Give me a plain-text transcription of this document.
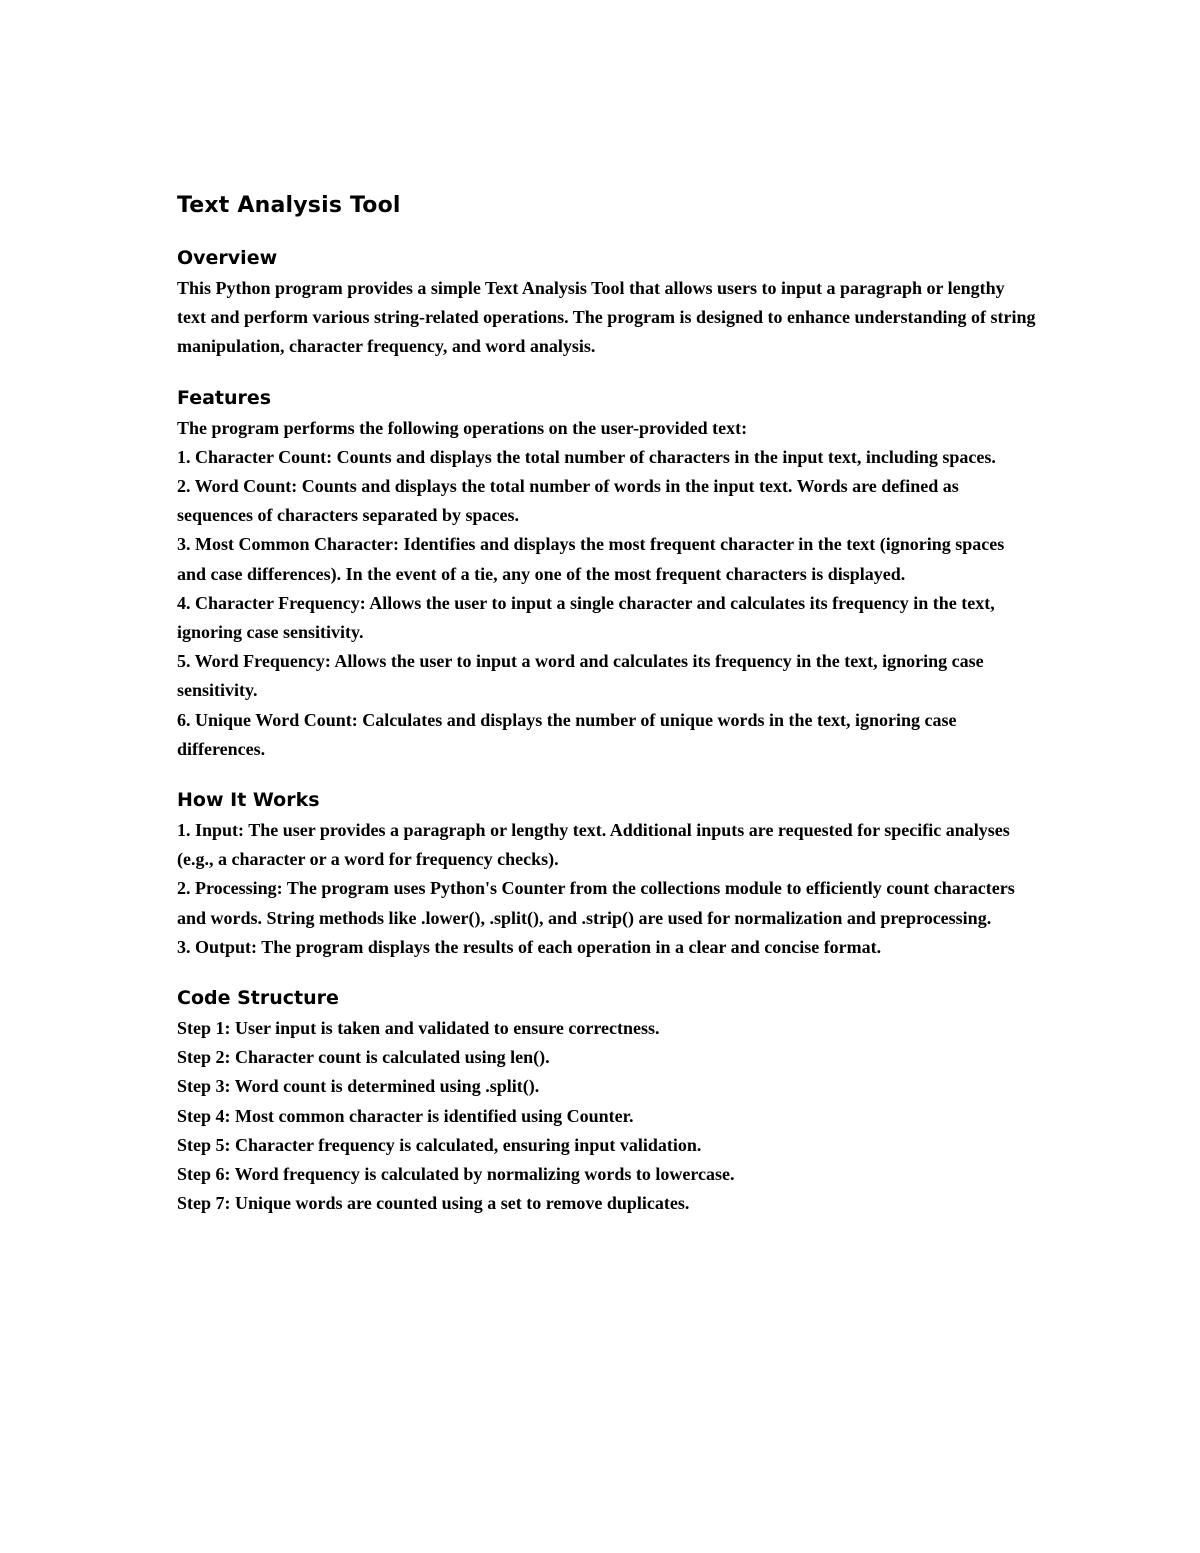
Text Analysis Tool
Overview

This Python program provides a simple Text Analysis Tool that allows users to input a paragraph or lengthy text and perform various string-related operations. The program is designed to enhance understanding of string manipulation, character frequency, and word analysis.

Features

The program performs the following operations on the user-provided text:

1. Character Count: Counts and displays the total number of characters in the input text, including spaces.

2. Word Count: Counts and displays the total number of words in the input text. Words are defined as sequences of characters separated by spaces.

3. Most Common Character: Identifies and displays the most frequent character in the text (ignoring spaces and case differences). In the event of a tie, any one of the most frequent characters is displayed.

4. Character Frequency: Allows the user to input a single character and calculates its frequency in the text, ignoring case sensitivity.

5. Word Frequency: Allows the user to input a word and calculates its frequency in the text, ignoring case sensitivity.

6. Unique Word Count: Calculates and displays the number of unique words in the text, ignoring case differences.

How It Works

1. Input: The user provides a paragraph or lengthy text. Additional inputs are requested for specific analyses (e.g., a character or a word for frequency checks).

2. Processing: The program uses Python's Counter from the collections module to efficiently count characters and words. String methods like .lower(), .split(), and .strip() are used for normalization and preprocessing.

3. Output: The program displays the results of each operation in a clear and concise format.

Code Structure

Step 1: User input is taken and validated to ensure correctness.

Step 2: Character count is calculated using len().

Step 3: Word count is determined using .split().

Step 4: Most common character is identified using Counter.

Step 5: Character frequency is calculated, ensuring input validation.

Step 6: Word frequency is calculated by normalizing words to lowercase.

Step 7: Unique words are counted using a set to remove duplicates.
